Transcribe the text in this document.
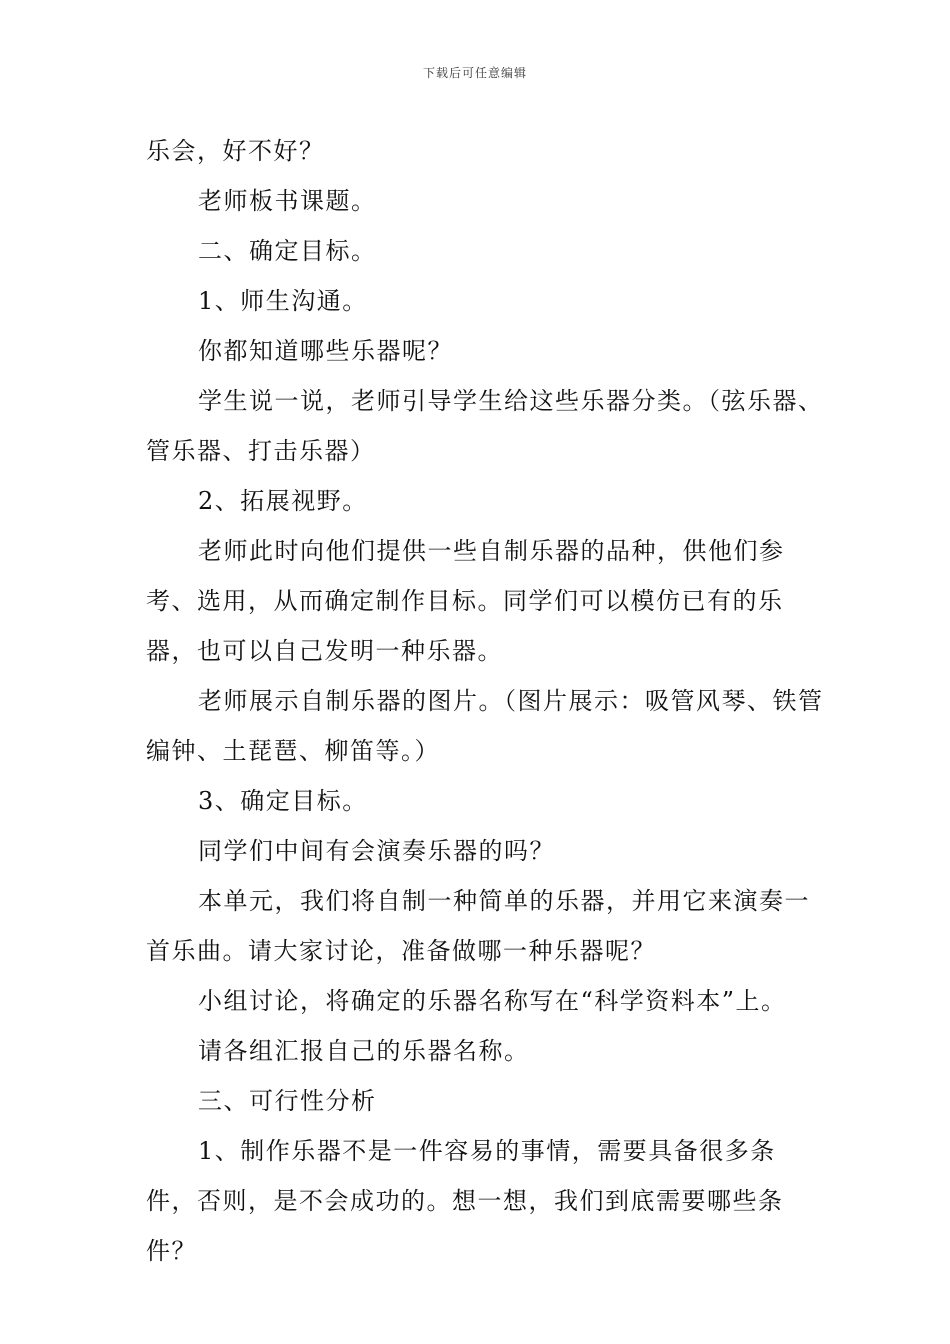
下载后可任意编辑

乐会，好不好？

老师板书课题。

二、确定目标。

1、师生沟通。

你都知道哪些乐器呢？

学生说一说，老师引导学生给这些乐器分类。（弦乐器、管乐器、打击乐器）

2、拓展视野。

老师此时向他们提供一些自制乐器的品种，供他们参考、选用，从而确定制作目标。同学们可以模仿已有的乐器，也可以自己发明一种乐器。

老师展示自制乐器的图片。（图片展示：吸管风琴、铁管编钟、土琵琶、柳笛等。）

3、确定目标。

同学们中间有会演奏乐器的吗？

本单元，我们将自制一种简单的乐器，并用它来演奏一首乐曲。请大家讨论，准备做哪一种乐器呢？

小组讨论，将确定的乐器名称写在“科学资料本”上。

请各组汇报自己的乐器名称。

三、可行性分析

1、制作乐器不是一件容易的事情，需要具备很多条件，否则，是不会成功的。想一想，我们到底需要哪些条件？
